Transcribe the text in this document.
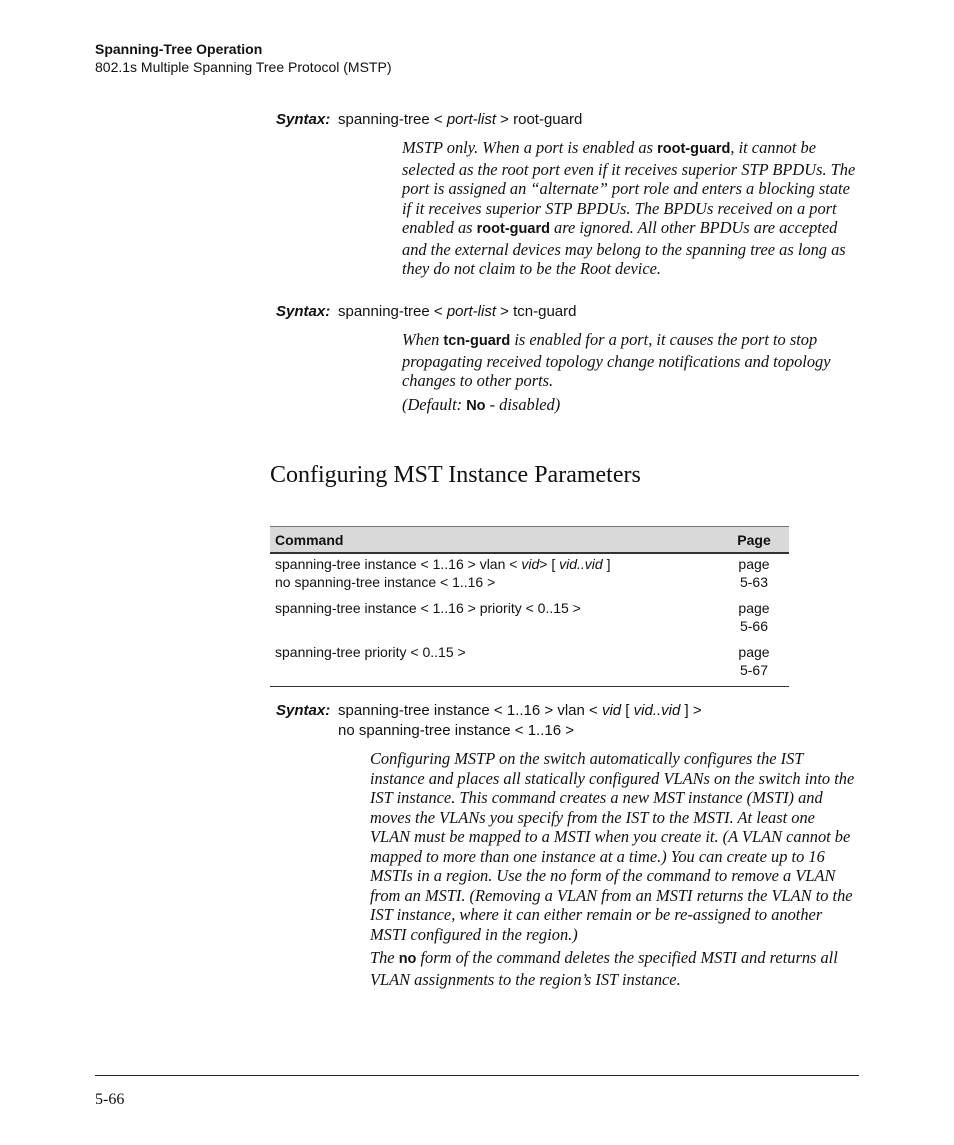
Spanning-Tree Operation
802.1s Multiple Spanning Tree Protocol (MSTP)
Syntax: spanning-tree < port-list > root-guard

MSTP only. When a port is enabled as root-guard, it cannot be selected as the root port even if it receives superior STP BPDUs. The port is assigned an “alternate” port role and enters a blocking state if it receives superior STP BPDUs. The BPDUs received on a port enabled as root-guard are ignored. All other BPDUs are accepted and the external devices may belong to the spanning tree as long as they do not claim to be the Root device.

Syntax: spanning-tree < port-list > tcn-guard

When tcn-guard is enabled for a port, it causes the port to stop propagating received topology change notifications and topology changes to other ports.

(Default: No - disabled)

Configuring MST Instance Parameters
Command	Page
spanning-tree instance < 1..16 > vlan < vid> [ vid..vid ]
no spanning-tree instance < 1..16 >	page
5-63
spanning-tree instance < 1..16 > priority < 0..15 >	page
5-66
spanning-tree priority < 0..15 >	page
5-67
Syntax: spanning-tree instance < 1..16 > vlan < vid [ vid..vid ] >
no spanning-tree instance < 1..16 >

Configuring MSTP on the switch automatically configures the IST instance and places all statically configured VLANs on the switch into the IST instance. This command creates a new MST instance (MSTI) and moves the VLANs you specify from the IST to the MSTI. At least one VLAN must be mapped to a MSTI when you create it. (A VLAN cannot be mapped to more than one instance at a time.) You can create up to 16 MSTIs in a region. Use the no form of the command to remove a VLAN from an MSTI. (Removing a VLAN from an MSTI returns the VLAN to the IST instance, where it can either remain or be re-assigned to another MSTI configured in the region.)

The no form of the command deletes the specified MSTI and returns all VLAN assignments to the region’s IST instance.

5-66
